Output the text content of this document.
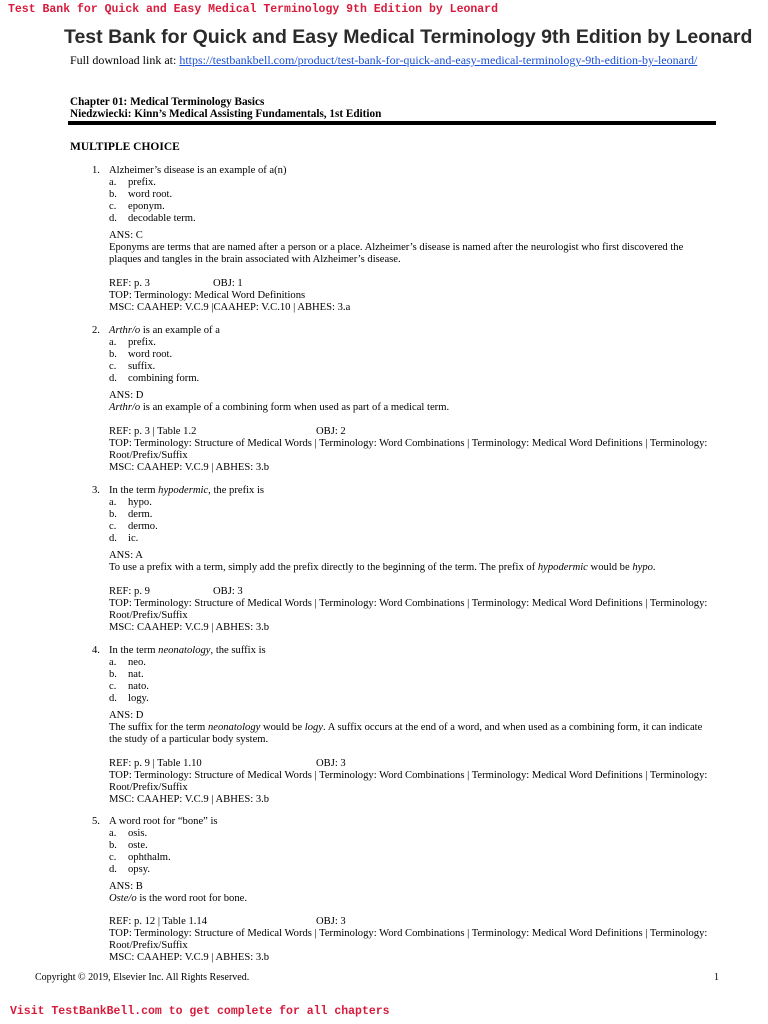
Test Bank for Quick and Easy Medical Terminology 9th Edition by Leonard
Test Bank for Quick and Easy Medical Terminology 9th Edition by Leonard
Full download link at: https://testbankbell.com/product/test-bank-for-quick-and-easy-medical-terminology-9th-edition-by-leonard/
Chapter 01: Medical Terminology Basics
Niedzwiecki: Kinn’s Medical Assisting Fundamentals, 1st Edition
MULTIPLE CHOICE
1. Alzheimer’s disease is an example of a(n)
a. prefix.
b. word root.
c. eponym.
d. decodable term.
ANS: C
Eponyms are terms that are named after a person or a place. Alzheimer’s disease is named after the neurologist who first discovered the plaques and tangles in the brain associated with Alzheimer’s disease.
REF: p. 3	OBJ: 1
TOP: Terminology: Medical Word Definitions
MSC: CAAHEP: V.C.9 |CAAHEP: V.C.10 | ABHES: 3.a
2. Arthr/o is an example of a
a. prefix.
b. word root.
c. suffix.
d. combining form.
ANS: D
Arthr/o is an example of a combining form when used as part of a medical term.
REF: p. 3 | Table 1.2	OBJ: 2
TOP: Terminology: Structure of Medical Words | Terminology: Word Combinations | Terminology: Medical Word Definitions | Terminology: Root/Prefix/Suffix
MSC: CAAHEP: V.C.9 | ABHES: 3.b
3. In the term hypodermic, the prefix is
a. hypo.
b. derm.
c. dermo.
d. ic.
ANS: A
To use a prefix with a term, simply add the prefix directly to the beginning of the term. The prefix of hypodermic would be hypo.
REF: p. 9	OBJ: 3
TOP: Terminology: Structure of Medical Words | Terminology: Word Combinations | Terminology: Medical Word Definitions | Terminology: Root/Prefix/Suffix
MSC: CAAHEP: V.C.9 | ABHES: 3.b
4. In the term neonatology, the suffix is
a. neo.
b. nat.
c. nato.
d. logy.
ANS: D
The suffix for the term neonatology would be logy. A suffix occurs at the end of a word, and when used as a combining form, it can indicate the study of a particular body system.
REF: p. 9 | Table 1.10	OBJ: 3
TOP: Terminology: Structure of Medical Words | Terminology: Word Combinations | Terminology: Medical Word Definitions | Terminology: Root/Prefix/Suffix
MSC: CAAHEP: V.C.9 | ABHES: 3.b
5. A word root for “bone” is
a. osis.
b. oste.
c. ophthalm.
d. opsy.
ANS: B
Oste/o is the word root for bone.
REF: p. 12 | Table 1.14	OBJ: 3
TOP: Terminology: Structure of Medical Words | Terminology: Word Combinations | Terminology: Medical Word Definitions | Terminology: Root/Prefix/Suffix
MSC: CAAHEP: V.C.9 | ABHES: 3.b
Copyright © 2019, Elsevier Inc. All Rights Reserved.	1
Visit TestBankBell.com to get complete for all chapters
